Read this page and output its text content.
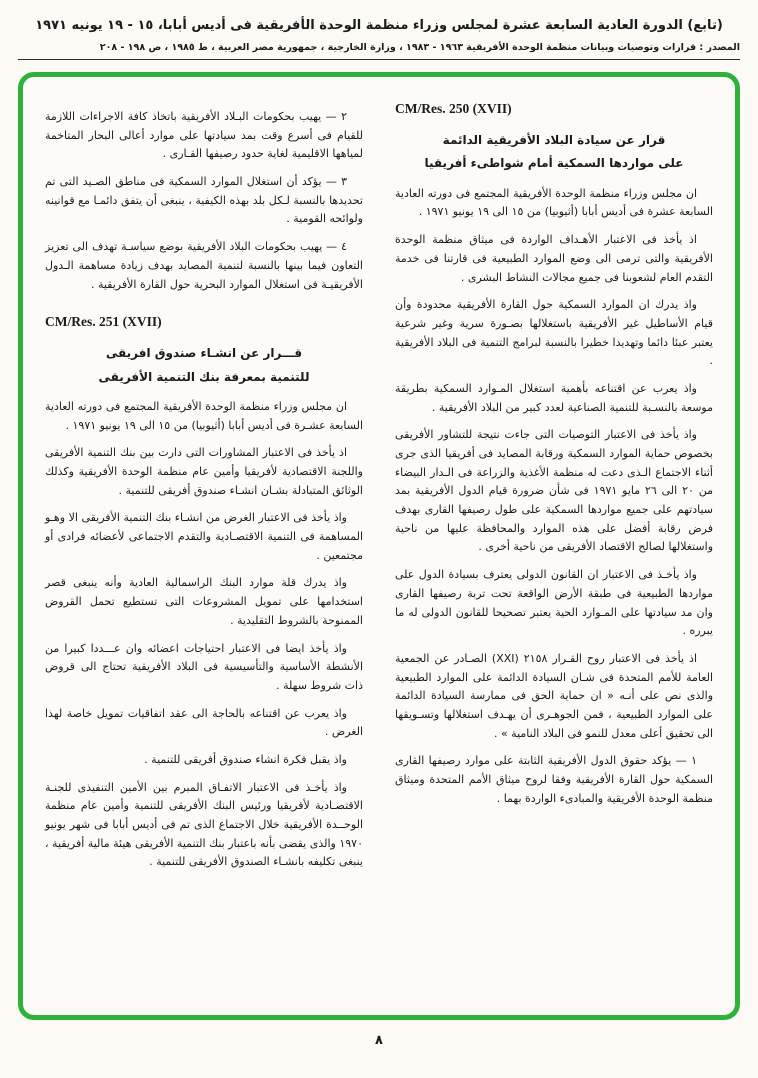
(تابع) الدورة العادية السابعة عشرة لمجلس وزراء منظمة الوحدة الأفريقية فى أديس أبابا، ١٥ - ١٩ يونيه ١٩٧١
المصدر : قرارات وتوصيات وبيانات منظمة الوحدة الأفريقية ١٩٦٣ - ١٩٨٣ ، وزارة الخارجية ، جمهورية مصر العربية ، ط ١٩٨٥ ، ص ١٩٨ - ٢٠٨
CM/Res. 250 (XVII)
قرار عن سيادة البلاد الأفريقية الدائمة
على مواردها السمكية أمام شواطىء أفريقيا

ان مجلس وزراء منظمة الوحدة الأفريقية المجتمع فى دورته العادية السابعة عشرة فى أديس أبابا (أثيوبيا) من ١٥ الى ١٩ يونيو ١٩٧١ .

اذ يأخذ فى الاعتبار الأهـداف الواردة فى ميثاق منظمة الوحدة الأفريقية والتى ترمى الى وضع الموارد الطبيعية فى قارتنا فى خدمة التقدم العام لشعوبنا فى جميع مجالات النشاط البشرى .

واذ يدرك ان الموارد السمكية حول القارة الأفريقية محدودة وأن قيام الأساطيل غير الأفريقية باستغلالها بصـورة سرية وغير شرعية يعتبر عبئا دائما وتهديدا خطيرا بالنسبة لبرامج التنمية فى البلاد الأفريقية .

واذ يعرب عن اقتناعه بأهمية استغلال المـوارد السمكية بطريقة موسعة بالنسـبة للتنمية الصناعية لعدد كبير من البلاد الأفريقية .

واذ يأخذ فى الاعتبار التوصيات التى جاءت نتيجة للتشاور الأفريقى بخصوص حماية الموارد السمكية ورقابة المصايد فى أفريقيا الذى جرى أثناء الاجتماع الـذى دعت له منظمة الأغذية والزراعة فى الـدار البيضاء من ٢٠ الى ٢٦ مايو ١٩٧١ فى شأن ضرورة قيام الدول الأفريقية بمد سيادتهم على جميع مواردها السمكية على طول رصيفها القارى بهدف فرض رقابة أفضل على هذه الموارد والمحافظة عليها من ناحية واستغلالها لصالح الاقتصاد الأفريقى من ناحية أخرى .

واذ يأخـذ فى الاعتبار ان القانون الدولى يعترف بسيادة الدول على مواردها الطبيعية فى طبقة الأرض الواقعة تحت تربة رصيفها القارى وان مد سيادتها على المـوارد الحية يعتبر تصحيحا للقانون الدولى له ما يبرره .

اذ يأخذ فى الاعتبار روح القـرار ٢١٥٨ (XXI) الصـادر عن الجمعية العامة للأمم المتحدة فى شـان السيادة الدائمة على الموارد الطبيعية والذى نص على أنـه « ان حماية الحق فى ممارسة السيادة الدائمة على الموارد الطبيعية ، فمن الجوهـرى أن يهـدف استغلالها وتسـويقها الى تحقيق أعلى معدل للنمو فى البلاد النامية » .

١ — يؤكد حقوق الدول الأفريقية الثابتة على موارد رصيفها القارى السمكية حول القارة الأفريقية وفقا لروح ميثاق الأمم المتحدة وميثاق منظمة الوحدة الأفريقية والمبادىء الواردة بهما .

٢ — يهيب بحكومات البـلاد الأفريقية باتخاذ كافة الاجراءات اللازمة للقيام فى أسرع وقت بمد سيادتها على موارد أعالى البحار المتاخمة لمياهها الاقليمية لغاية حدود رصيفها القـارى .

٣ — يؤكد أن استغلال الموارد السمكية فى مناطق الصـيد التى تم تحديدها بالنسبة لـكل بلد بهذه الكيفية ، ينبغى أن يتفق دائمـا مع قوانينه ولوائحه القومية .

٤ — يهيب بحكومات البلاد الأفريقية بوضع سياسـة تهدف الى تعزيز التعاون فيما بينها بالنسبة لتنمية المصايد بهدف زيادة مساهمة الـدول الأفريقيـة فى استغلال الموارد البحرية حول القارة الأفريقية .

CM/Res. 251 (XVII)
قـــرار عن انشـاء صندوق افريقى
للتنمية بمعرفة بنك التنمية الأفريقى

ان مجلس وزراء منظمة الوحدة الأفريقية المجتمع فى دورته العادية السابعة عشـرة فى أديس أبابا (أثيوبيا) من ١٥ الى ١٩ يونيو ١٩٧١ .

اذ يأخذ فى الاعتبار المشاورات التى دارت بين بنك التنمية الأفريقى واللجنة الاقتصادية لأفريقيا وأمين عام منظمة الوحدة الأفريقية وكذلك الوثائق المتبادلة بشـان انشـاء صندوق أفريقى للتنمية .

واذ يأخذ فى الاعتبار الغرض من انشـاء بنك التنمية الأفريقى الا وهـو المساهمة فى التنمية الاقتصـادية والتقدم الاجتماعى لأعضائه فرادى أو مجتمعين .

واذ يدرك قلة موارد البنك الراسمالية العادية وأنه ينبغى قصر استخدامها على تمويل المشروعات التى تستطيع تحمل القروض الممنوحة بالشروط التقليدية .

واذ يأخذ ايضا فى الاعتبار احتياجات اعضائه وان عـــددا كبيرا من الأنشطة الأساسية والتأسيسية فى البلاد الأفريقية تحتاج الى قروض ذات شروط سهلة .

واذ يعرب عن اقتناعه بالحاجة الى عقد اتفاقيات تمويل خاصة لهذا الغرض .

واذ يقبل فكرة انشاء صندوق أفريقى للتنمية .

واذ يأخـذ فى الاعتبار الاتفـاق المبرم بين الأمين التنفيذى للجنـة الاقتصـادية لأفريقيا ورئيس البنك الأفريقى للتنمية وأمين عام منظمة الوحــدة الأفريقية خلال الاجتماع الذى تم فى أديس أبابا فى شهر يونيو ١٩٧٠ والذى يقضى بأنه باعتبار بنك التنمية الأفريقى هيئة مالية أفريقية ، ينبغى تكليفه بانشـاء الصندوق الأفريقى للتنمية .

٨
